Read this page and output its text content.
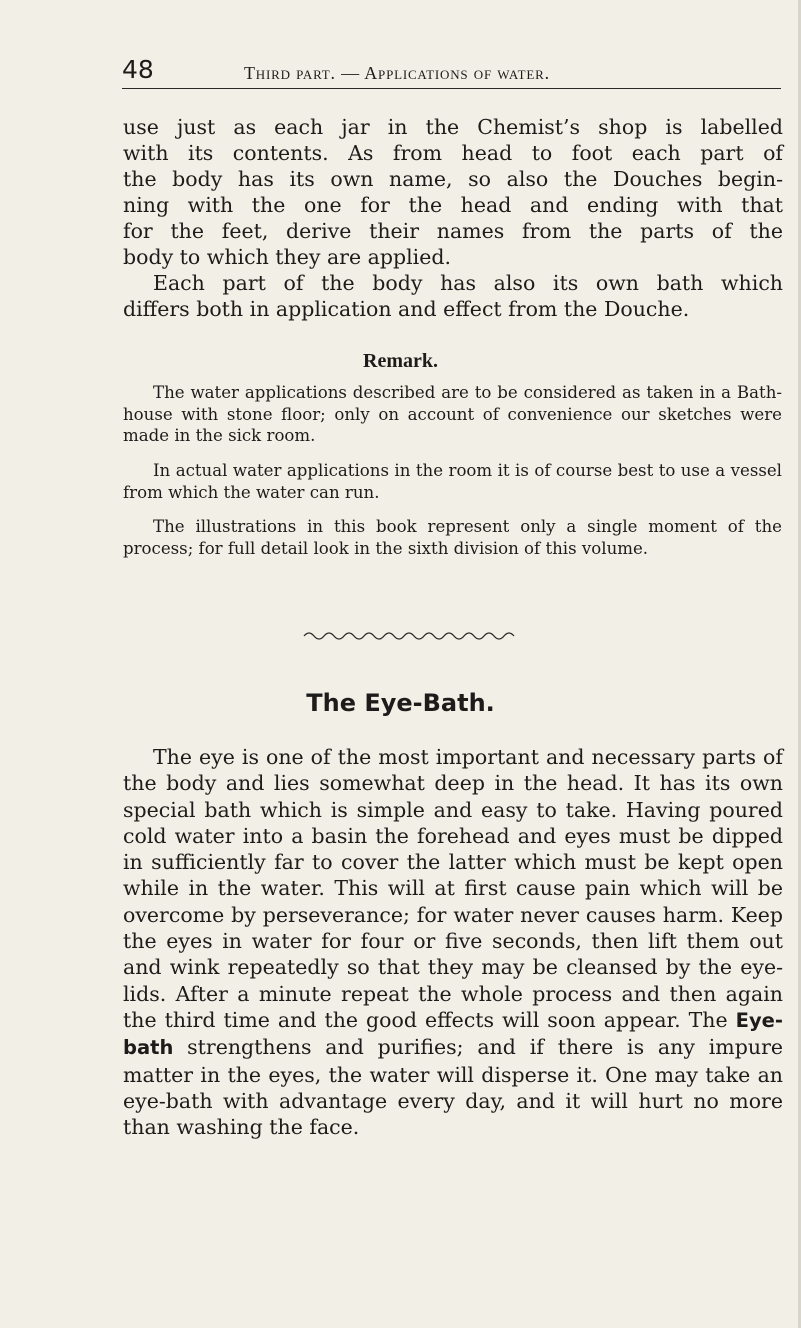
48	Third part. — Applications of water.

use just as each jar in the Chemist’s shop is labelled

with its contents. As from head to foot each part of

the body has its own name, so also the Douches begin-

ning with the one for the head and ending with that

for the feet, derive their names from the parts of the

body to which they are applied.

Each part of the body has also its own bath which

differs both in application and effect from the Douche.

Remark.

The water applications described are to be considered as taken in a Bath-house with stone floor; only on account of convenience our sketches were made in the sick room.

In actual water applications in the room it is of course best to use a vessel from which the water can run.

The illustrations in this book represent only a single moment of the process; for full detail look in the sixth division of this volume.

The Eye-Bath.

The eye is one of the most important and necessary parts of the body and lies somewhat deep in the head. It has its own special bath which is simple and easy to take. Having poured cold water into a basin the forehead and eyes must be dipped in sufficiently far to cover the latter which must be kept open while in the water. This will at first cause pain which will be overcome by perseverance; for water never causes harm. Keep the eyes in water for four or five seconds, then lift them out and wink repeatedly so that they may be cleansed by the eye-lids. After a minute repeat the whole process and then again the third time and the good effects will soon appear. The Eye-bath strengthens and purifies; and if there is any impure matter in the eyes, the water will disperse it. One may take an eye-bath with advantage every day, and it will hurt no more than washing the face.
